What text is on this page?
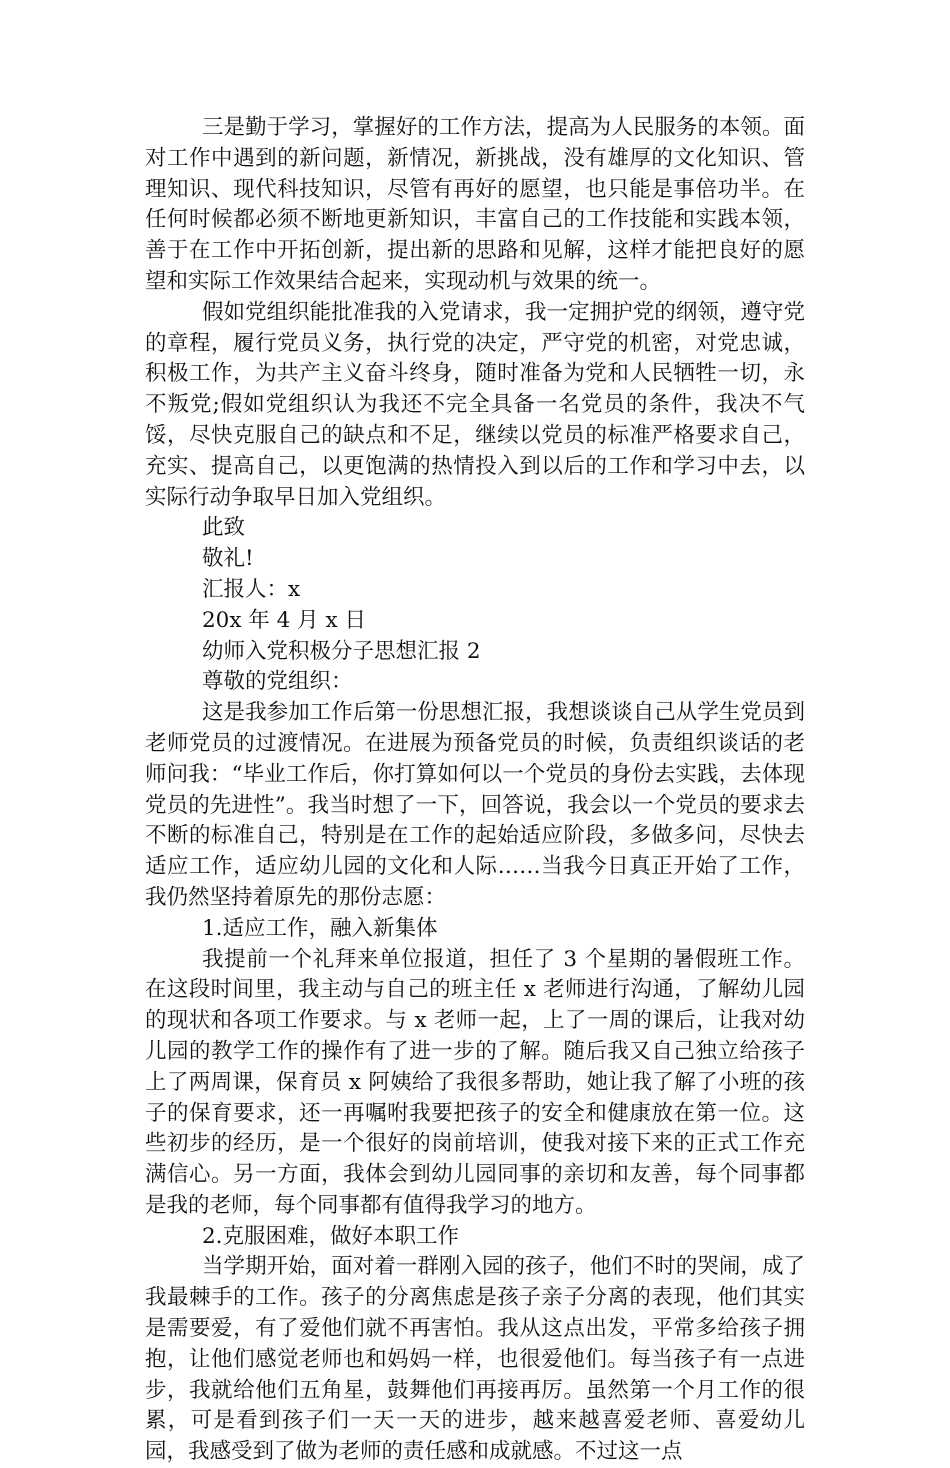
三是勤于学习，掌握好的工作方法，提高为人民服务的本领。面对工作中遇到的新问题，新情况，新挑战，没有雄厚的文化知识、管理知识、现代科技知识，尽管有再好的愿望，也只能是事倍功半。在任何时候都必须不断地更新知识，丰富自己的工作技能和实践本领，善于在工作中开拓创新，提出新的思路和见解，这样才能把良好的愿望和实际工作效果结合起来，实现动机与效果的统一。

假如党组织能批准我的入党请求，我一定拥护党的纲领，遵守党的章程，履行党员义务，执行党的决定，严守党的机密，对党忠诚，积极工作，为共产主义奋斗终身，随时准备为党和人民牺牲一切，永不叛党;假如党组织认为我还不完全具备一名党员的条件，我决不气馁，尽快克服自己的缺点和不足，继续以党员的标准严格要求自己，充实、提高自己，以更饱满的热情投入到以后的工作和学习中去，以实际行动争取早日加入党组织。

此致

敬礼!

汇报人：x

20x 年 4 月 x 日

幼师入党积极分子思想汇报 2

尊敬的党组织：

这是我参加工作后第一份思想汇报，我想谈谈自己从学生党员到老师党员的过渡情况。在进展为预备党员的时候，负责组织谈话的老师问我：“毕业工作后，你打算如何以一个党员的身份去实践，去体现党员的先进性”。我当时想了一下，回答说，我会以一个党员的要求去不断的标准自己，特别是在工作的起始适应阶段，多做多问，尽快去适应工作，适应幼儿园的文化和人际……当我今日真正开始了工作，我仍然坚持着原先的那份志愿：

1.适应工作，融入新集体

我提前一个礼拜来单位报道，担任了 3 个星期的暑假班工作。在这段时间里，我主动与自己的班主任 x 老师进行沟通，了解幼儿园的现状和各项工作要求。与 x 老师一起，上了一周的课后，让我对幼儿园的教学工作的操作有了进一步的了解。随后我又自己独立给孩子上了两周课，保育员 x 阿姨给了我很多帮助，她让我了解了小班的孩子的保育要求，还一再嘱咐我要把孩子的安全和健康放在第一位。这些初步的经历，是一个很好的岗前培训，使我对接下来的正式工作充满信心。另一方面，我体会到幼儿园同事的亲切和友善，每个同事都是我的老师，每个同事都有值得我学习的地方。

2.克服困难，做好本职工作

当学期开始，面对着一群刚入园的孩子，他们不时的哭闹，成了我最棘手的工作。孩子的分离焦虑是孩子亲子分离的表现，他们其实是需要爱，有了爱他们就不再害怕。我从这点出发，平常多给孩子拥抱，让他们感觉老师也和妈妈一样，也很爱他们。每当孩子有一点进步，我就给他们五角星，鼓舞他们再接再厉。虽然第一个月工作的很累，可是看到孩子们一天一天的进步，越来越喜爱老师、喜爱幼儿园，我感受到了做为老师的责任感和成就感。不过这一点
